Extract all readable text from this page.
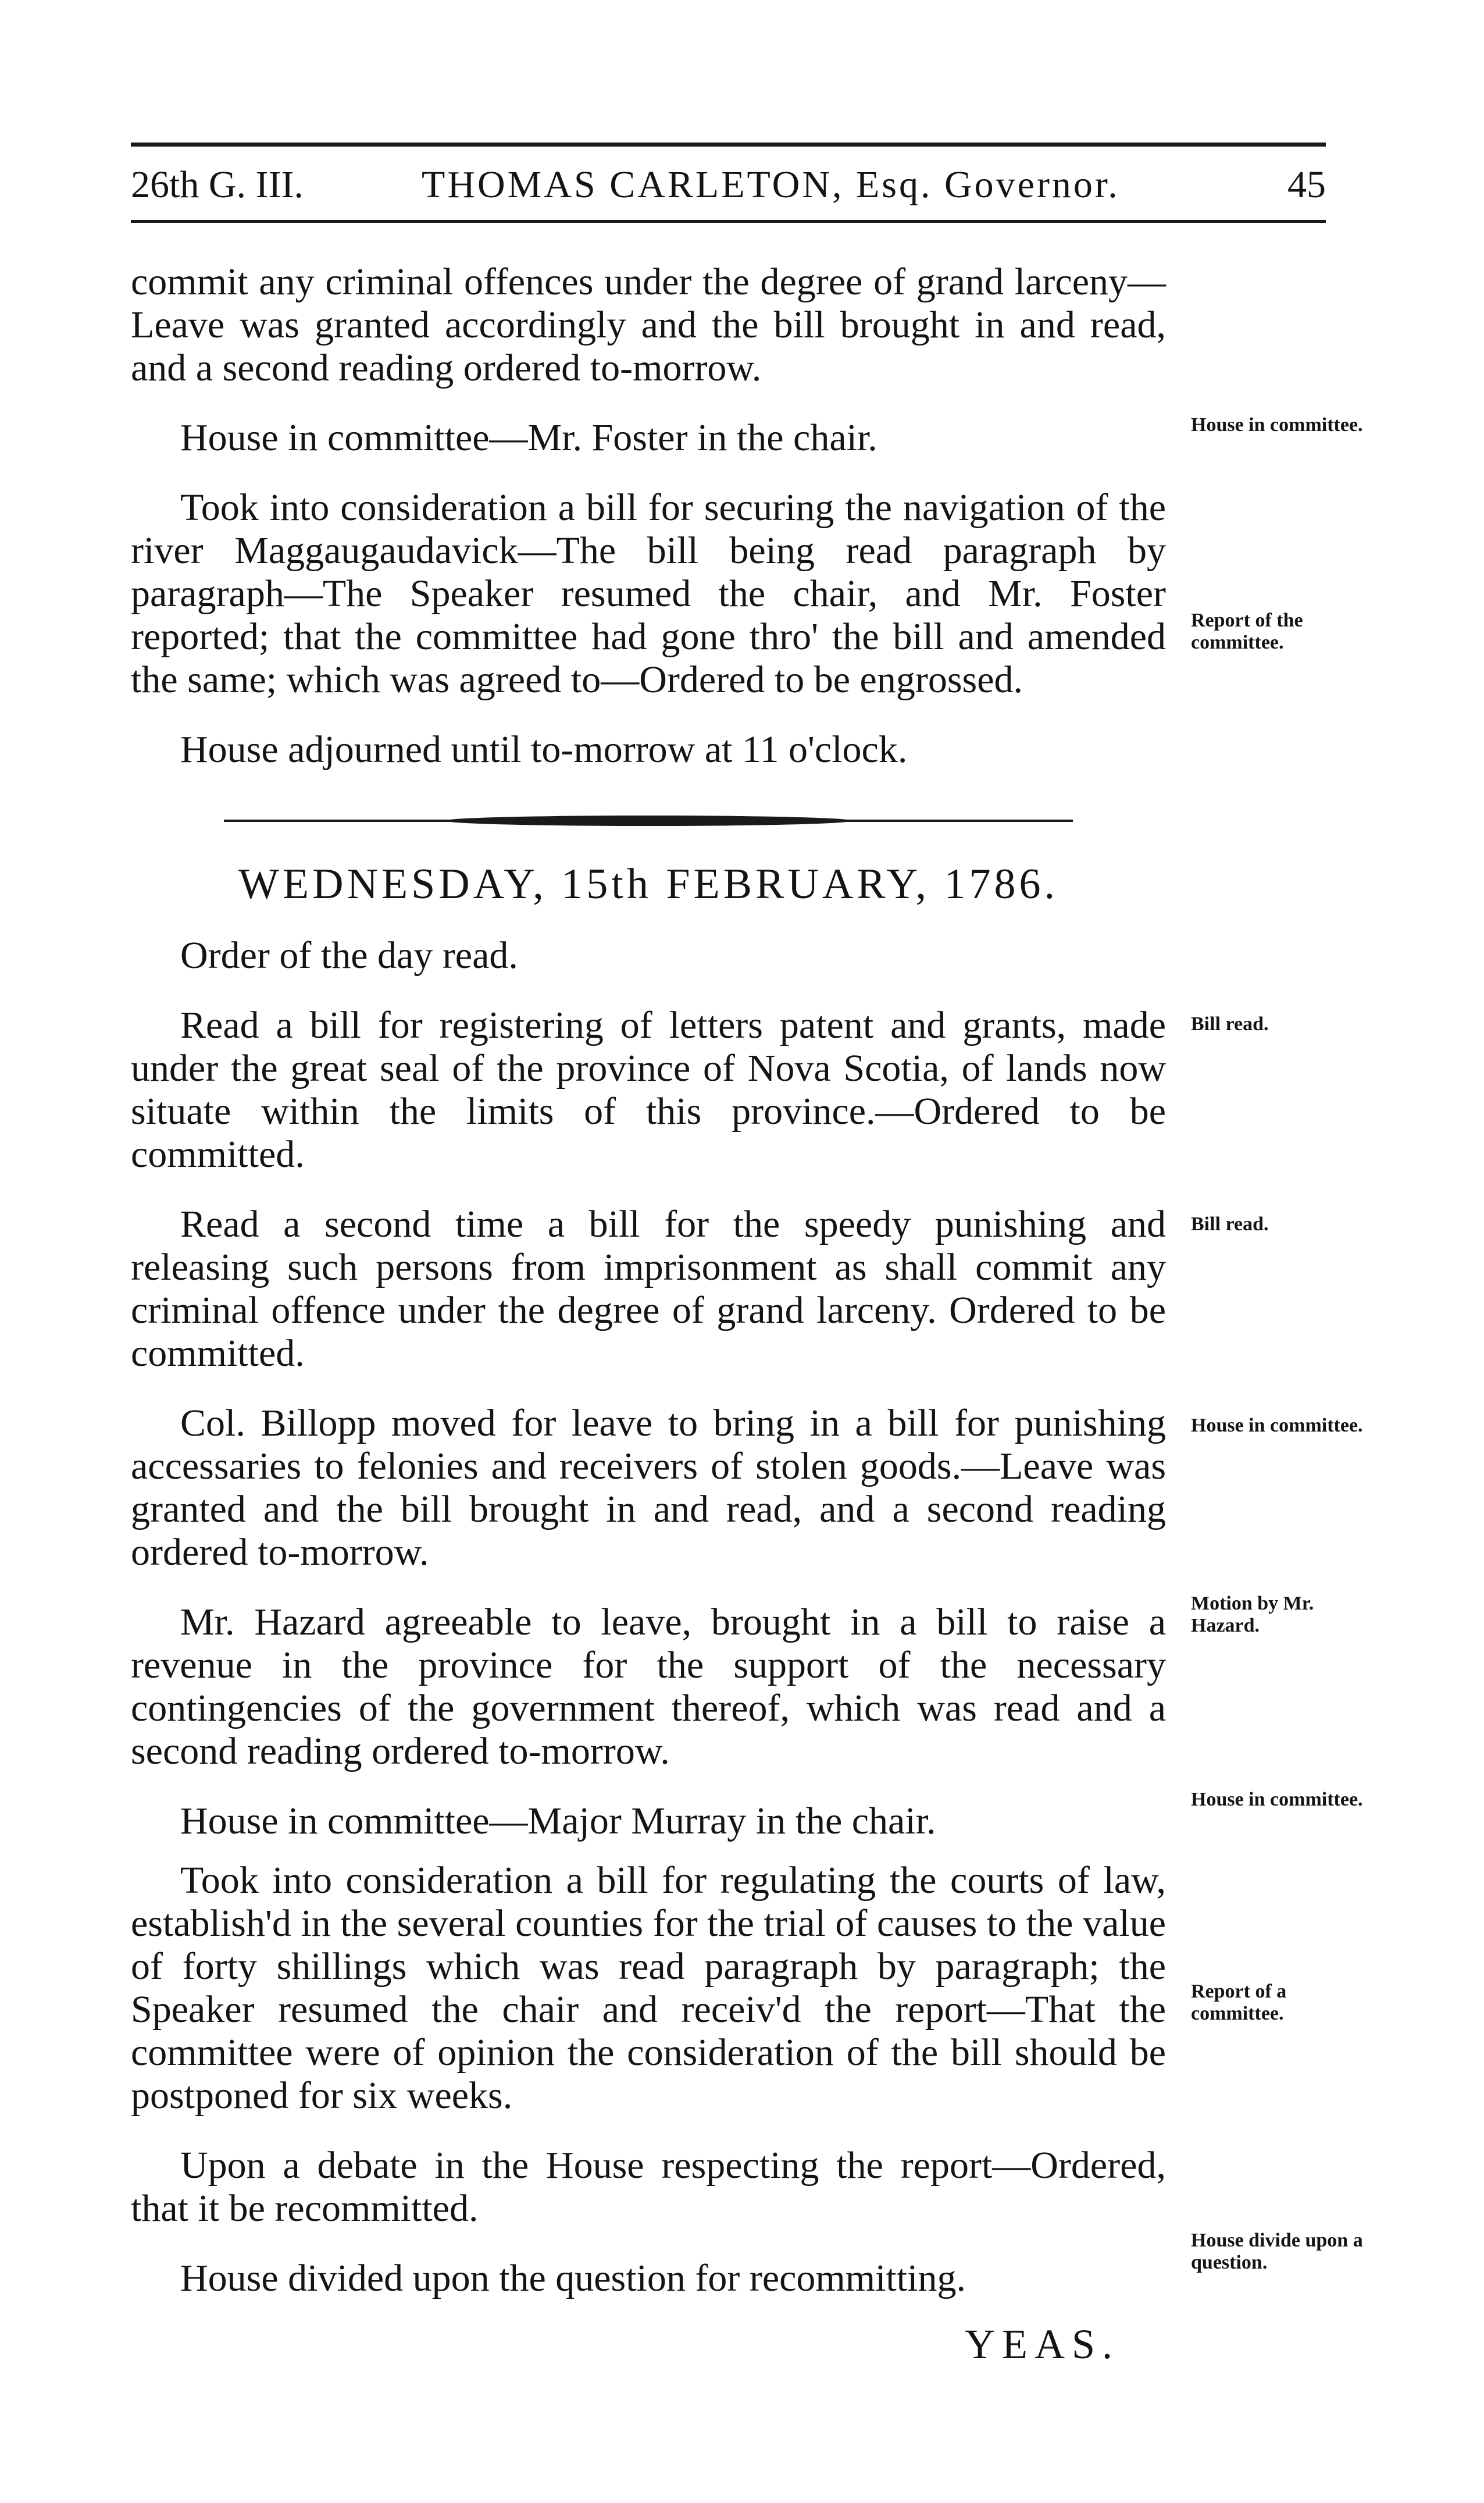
26th G. III.	THOMAS CARLETON, Esq. Governor.	45

commit any criminal offences under the degree of grand larceny—Leave was granted accordingly and the bill brought in and read, and a second reading ordered to-morrow.

House in committee—Mr. Foster in the chair.

Took into consideration a bill for securing the navigation of the river Maggaugaudavick—The bill being read paragraph by paragraph—The Speaker resumed the chair, and Mr. Foster reported; that the committee had gone thro' the bill and amended the same; which was agreed to—Ordered to be engrossed.

House adjourned until to-morrow at 11 o'clock.

WEDNESDAY, 15th FEBRUARY, 1786.

Order of the day read.

Read a bill for registering of letters patent and grants, made under the great seal of the province of Nova Scotia, of lands now situate within the limits of this province.—Ordered to be committed.

Read a second time a bill for the speedy punishing and releasing such persons from imprisonment as shall commit any criminal offence under the degree of grand larceny. Ordered to be committed.

Col. Billopp moved for leave to bring in a bill for punishing accessaries to felonies and receivers of stolen goods.—Leave was granted and the bill brought in and read, and a second reading ordered to-morrow.

Mr. Hazard agreeable to leave, brought in a bill to raise a revenue in the province for the support of the necessary contingencies of the government thereof, which was read and a second reading ordered to-morrow.

House in committee—Major Murray in the chair.

Took into consideration a bill for regulating the courts of law, establish'd in the several counties for the trial of causes to the value of forty shillings which was read paragraph by paragraph; the Speaker resumed the chair and receiv'd the report—That the committee were of opinion the consideration of the bill should be postponed for six weeks.

Upon a debate in the House respecting the report—Ordered, that it be recommitted.

House divided upon the question for recommitting.

YEAS.

House in committee.
Report of the committee.
Bill read.
Bill read.
House in committee.
Motion by Mr. Hazard.
House in committee.
Report of a committee.
House divide upon a question.
